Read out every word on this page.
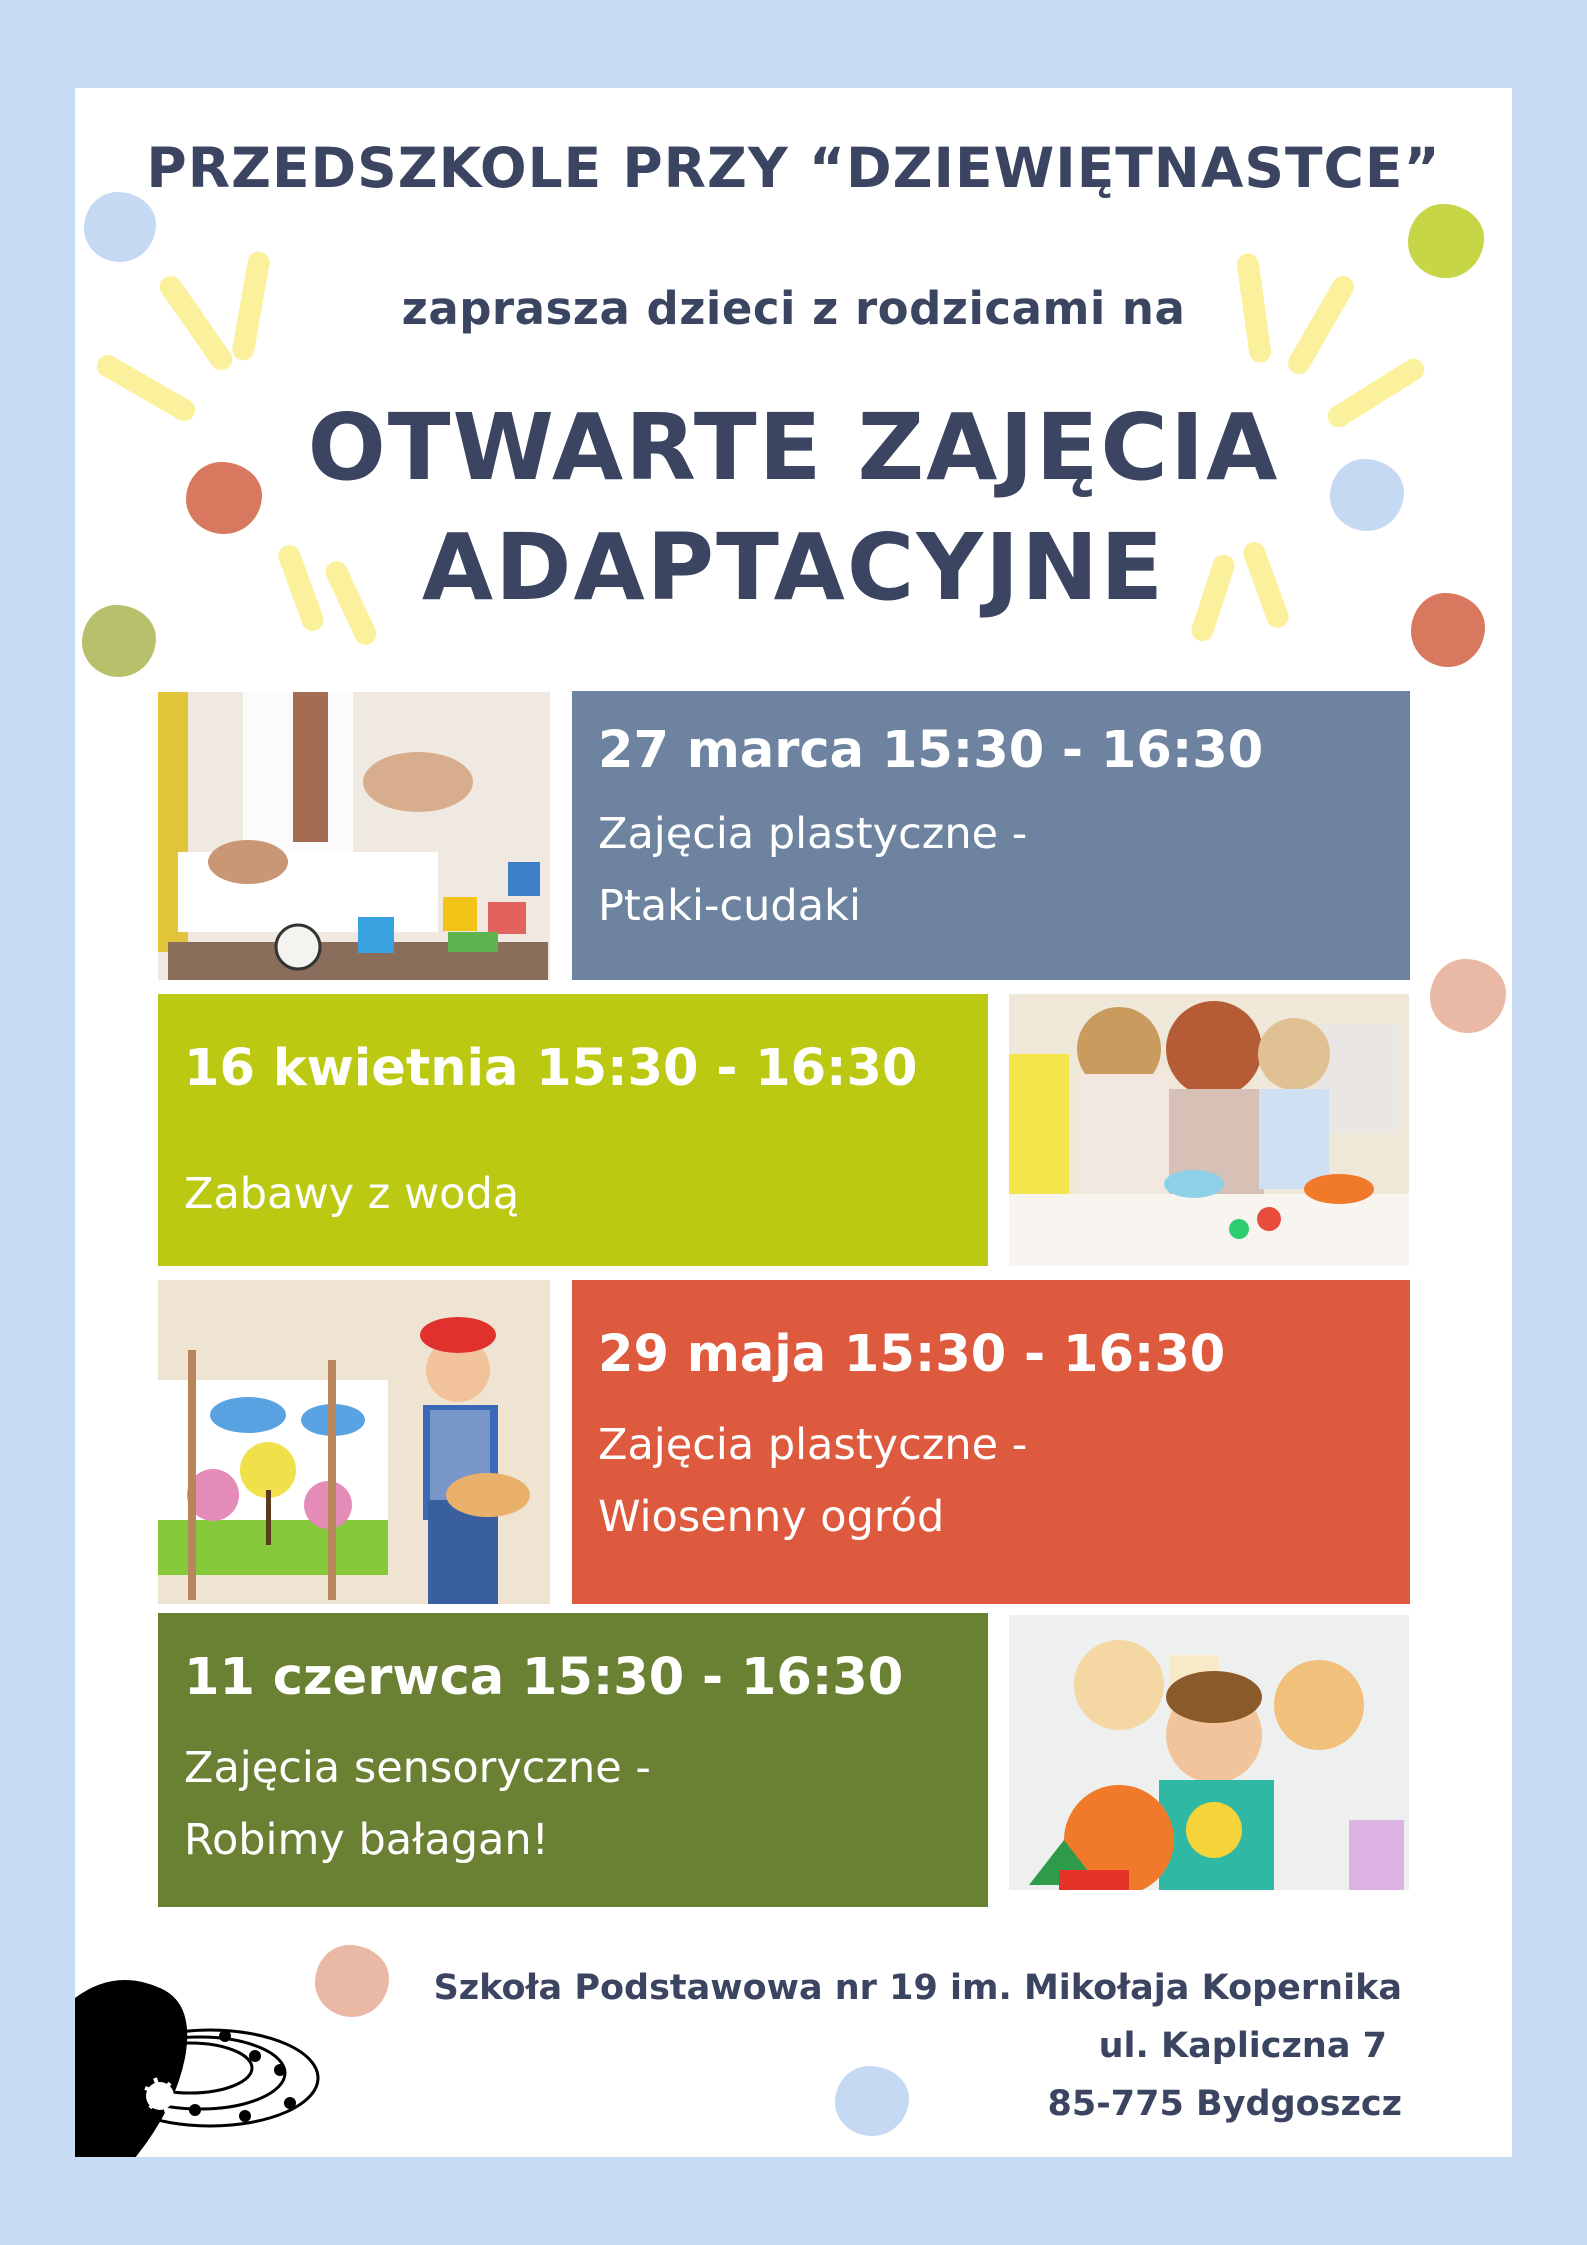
PRZEDSZKOLE PRZY “DZIEWIĘTNASTCE”
zaprasza dzieci z rodzicami na
OTWARTE ZAJĘCIA
ADAPTACYJNE
27 marca 15:30 - 16:30
Zajęcia plastyczne -
Ptaki-cudaki
16 kwietnia 15:30 - 16:30
Zabawy z wodą
29 maja 15:30 - 16:30
Zajęcia plastyczne -
Wiosenny ogród
11 czerwca 15:30 - 16:30
Zajęcia sensoryczne -
Robimy bałagan!
Szkoła Podstawowa nr 19 im. Mikołaja Kopernika
ul. Kapliczna 7
85-775 Bydgoszcz
